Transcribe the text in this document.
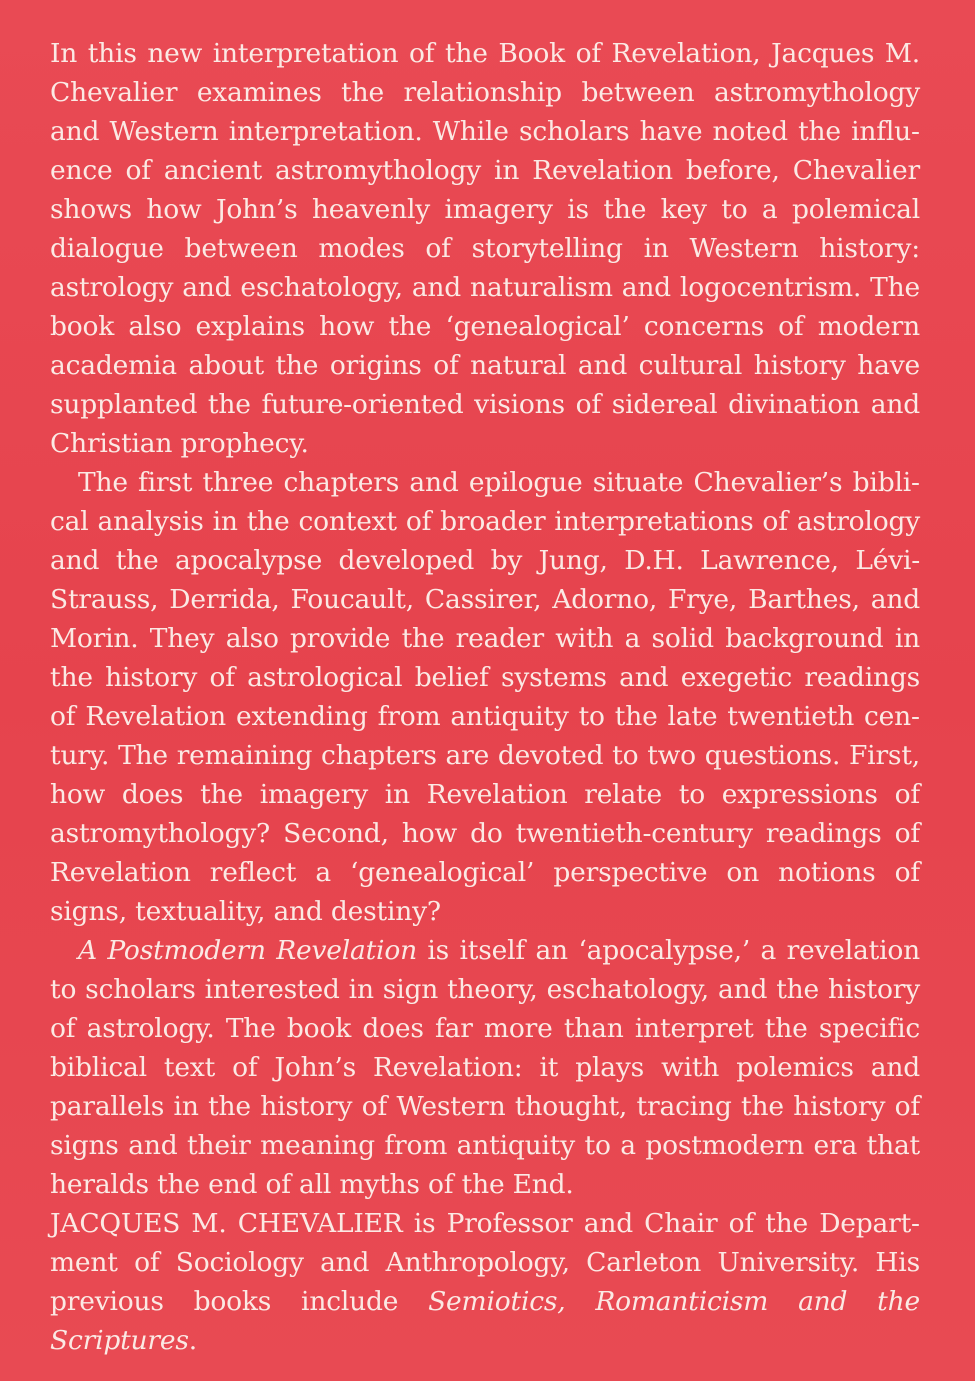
In this new interpretation of the Book of Revelation, Jacques M. Chevalier examines the relationship between astromythology and Western interpretation. While scholars have noted the influence of ancient astromythology in Revelation before, Chevalier shows how John’s heavenly imagery is the key to a polemical dialogue between modes of storytelling in Western history: astrology and eschatology, and naturalism and logocentrism. The book also explains how the ‘genealogical’ concerns of modern academia about the origins of natural and cultural history have supplanted the future-oriented visions of sidereal divination and Christian prophecy.

The first three chapters and epilogue situate Chevalier’s biblical analysis in the context of broader interpretations of astrology and the apocalypse developed by Jung, D.H. Lawrence, Lévi-Strauss, Derrida, Foucault, Cassirer, Adorno, Frye, Barthes, and Morin. They also provide the reader with a solid background in the history of astrological belief systems and exegetic readings of Revelation extending from antiquity to the late twentieth century. The remaining chapters are devoted to two questions. First, how does the imagery in Revelation relate to expressions of astromythology? Second, how do twentieth-century readings of Revelation reflect a ‘genealogical’ perspective on notions of signs, textuality, and destiny?

A Postmodern Revelation is itself an ‘apocalypse,’ a revelation to scholars interested in sign theory, eschatology, and the history of astrology. The book does far more than interpret the specific biblical text of John’s Revelation: it plays with polemics and parallels in the history of Western thought, tracing the history of signs and their meaning from antiquity to a postmodern era that heralds the end of all myths of the End.

JACQUES M. CHEVALIER is Professor and Chair of the Department of Sociology and Anthropology, Carleton University. His previous books include Semiotics, Romanticism and the Scriptures.
